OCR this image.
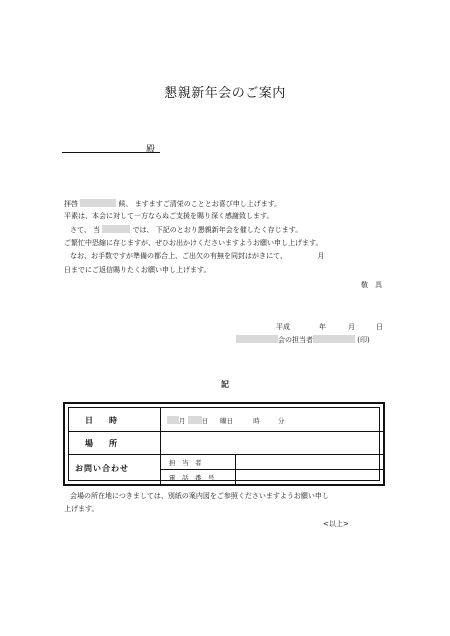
懇親新年会のご案内
殿
拝啓	候、 ますますご清栄のこととお喜び申し上げます。
平素は、本会に対して一方ならぬご支援を賜り深く感謝致します。
さて、 当	では、 下記のとおり懇親新年会を催したく存じます。
ご繁忙中恐縮に存じますが、ぜひお出かけくださいますようお願い申し上げます。
なお、お手数ですが準備の都合上、ご出欠の有無を同封はがきにて、	月
日までにご返信賜りたくお願い申し上げます。
敬　具
平成	年	月	日
会の担当者	(印)
記
日　　時	月 日 曜日	時	分
場　　所
お問い合わせ	担　当　者
電　話　番　号
会場の所在地につきましては、別紙の案内図をご参照くださいますようお願い申し
上げます。
<以上>
